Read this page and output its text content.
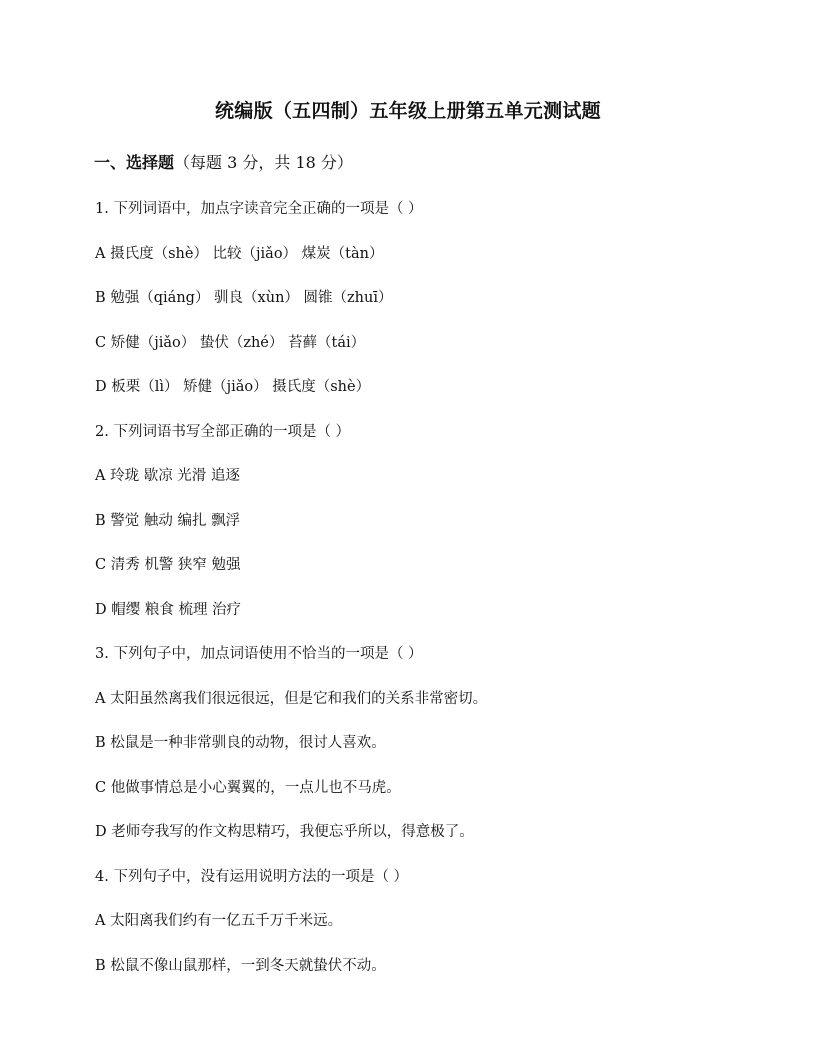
统编版（五四制）五年级上册第五单元测试题
一、选择题（每题 3 分，共 18 分）
1. 下列词语中，加点字读音完全正确的一项是（ ）
A 摄氏度（shè） 比较（jiǎo） 煤炭（tàn）
B 勉强（qiáng） 驯良（xùn） 圆锥（zhuī）
C 矫健（jiǎo） 蛰伏（zhé） 苔藓（tái）
D 板栗（lì） 矫健（jiǎo） 摄氏度（shè）
2. 下列词语书写全部正确的一项是（ ）
A 玲珑 歇凉 光滑 追逐
B 警觉 触动 编扎 飘浮
C 清秀 机警 狭窄 勉强
D 帽缨 粮食 梳理 治疗
3. 下列句子中，加点词语使用不恰当的一项是（ ）
A 太阳虽然离我们很远很远，但是它和我们的关系非常密切。
B 松鼠是一种非常驯良的动物，很讨人喜欢。
C 他做事情总是小心翼翼的，一点儿也不马虎。
D 老师夸我写的作文构思精巧，我便忘乎所以，得意极了。
4. 下列句子中，没有运用说明方法的一项是（ ）
A 太阳离我们约有一亿五千万千米远。
B 松鼠不像山鼠那样，一到冬天就蛰伏不动。
